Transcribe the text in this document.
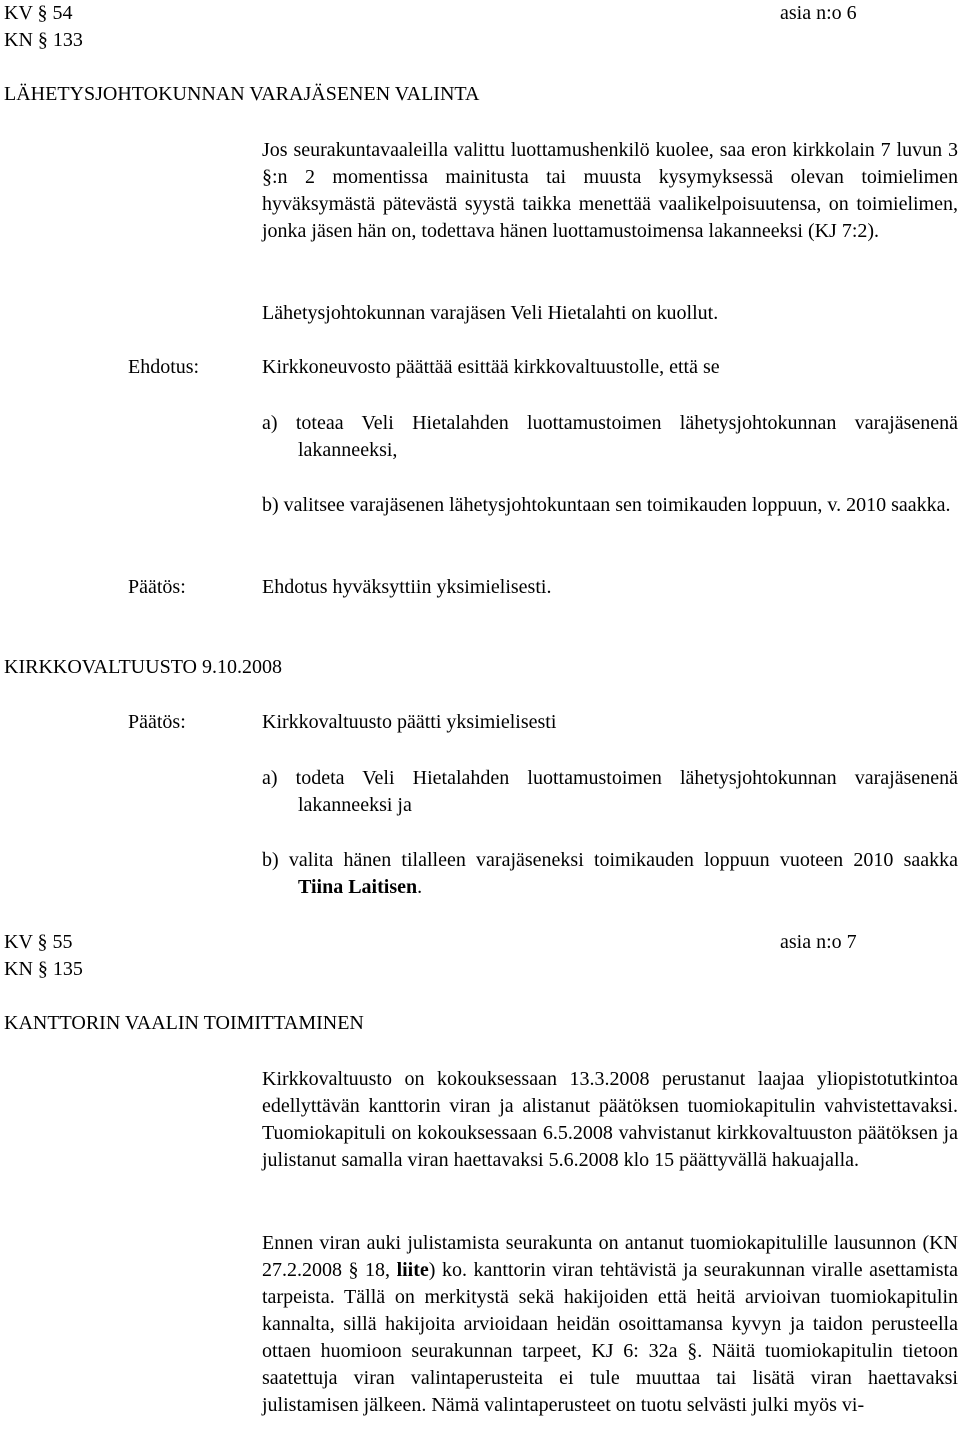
KV § 54
KN § 133
asia n:o 6
LÄHETYSJOHTOKUNNAN VARAJÄSENEN VALINTA
Jos seurakuntavaaleilla valittu luottamushenkilö kuolee, saa eron kirkkolain 7 luvun 3 §:n 2 momentissa mainitusta tai muusta kysymyksessä olevan toimielimen hyväksymästä pätevästä syystä taikka menettää vaalikelpoisuutensa, on toimielimen, jonka jäsen hän on, todettava hänen luottamustoimensa lakanneeksi (KJ 7:2).
Lähetysjohtokunnan varajäsen Veli Hietalahti on kuollut.
Ehdotus:	Kirkkoneuvosto päättää esittää kirkkovaltuustolle, että se
a) toteaa Veli Hietalahden luottamustoimen lähetysjohtokunnan varajäsenenä lakanneeksi,
b) valitsee varajäsenen lähetysjohtokuntaan sen toimikauden loppuun, v. 2010 saakka.
Päätös:	Ehdotus hyväksyttiin yksimielisesti.
KIRKKOVALTUUSTO 9.10.2008
Päätös:	Kirkkovaltuusto päätti yksimielisesti
a) todeta Veli Hietalahden luottamustoimen lähetysjohtokunnan varajäsenenä lakanneeksi ja
b) valita hänen tilalleen varajäseneksi toimikauden loppuun vuoteen 2010 saakka Tiina Laitisen.
KV § 55
KN § 135
asia n:o 7
KANTTORIN VAALIN TOIMITTAMINEN
Kirkkovaltuusto on kokouksessaan 13.3.2008 perustanut laajaa yliopistotutkintoa edellyttävän kanttorin viran ja alistanut päätöksen tuomiokapitulin vahvistettavaksi. Tuomiokapituli on kokouksessaan 6.5.2008 vahvistanut kirkkovaltuuston päätöksen ja julistanut samalla viran haettavaksi 5.6.2008 klo 15 päättyvällä hakuajalla.
Ennen viran auki julistamista seurakunta on antanut tuomiokapitulille lausunnon (KN 27.2.2008 § 18, liite) ko. kanttorin viran tehtävistä ja seurakunnan viralle asettamista tarpeista. Tällä on merkitystä sekä hakijoiden että heitä arvioivan tuomiokapitulin kannalta, sillä hakijoita arvioidaan heidän osoittamansa kyvyn ja taidon perusteella ottaen huomioon seurakunnan tarpeet, KJ 6: 32a §. Näitä tuomiokapitulin tietoon saatettuja viran valintaperusteita ei tule muuttaa tai lisätä viran haettavaksi julistamisen jälkeen. Nämä valintaperusteet on tuotu selvästi julki myös vi-
